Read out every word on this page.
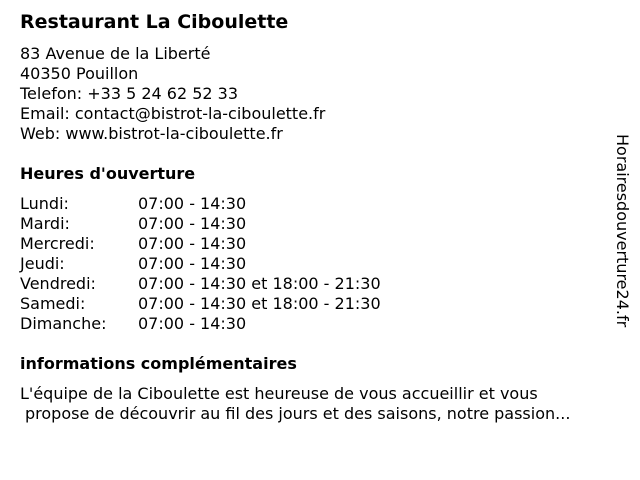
Restaurant La Ciboulette
83 Avenue de la Liberté
40350 Pouillon
Telefon: +33 5 24 62 52 33
Email: contact@bistrot-la-ciboulette.fr
Web: www.bistrot-la-ciboulette.fr
Heures d'ouverture
Lundi:	07:00 - 14:30
Mardi:	07:00 - 14:30
Mercredi:	07:00 - 14:30
Jeudi:	07:00 - 14:30
Vendredi:	07:00 - 14:30 et 18:00 - 21:30
Samedi:	07:00 - 14:30 et 18:00 - 21:30
Dimanche: 07:00 - 14:30
informations complémentaires
L'équipe de la Ciboulette est heureuse de vous accueillir et vous
propose de découvrir au fil des jours et des saisons, notre passion...
Horairesdouverture24.fr
